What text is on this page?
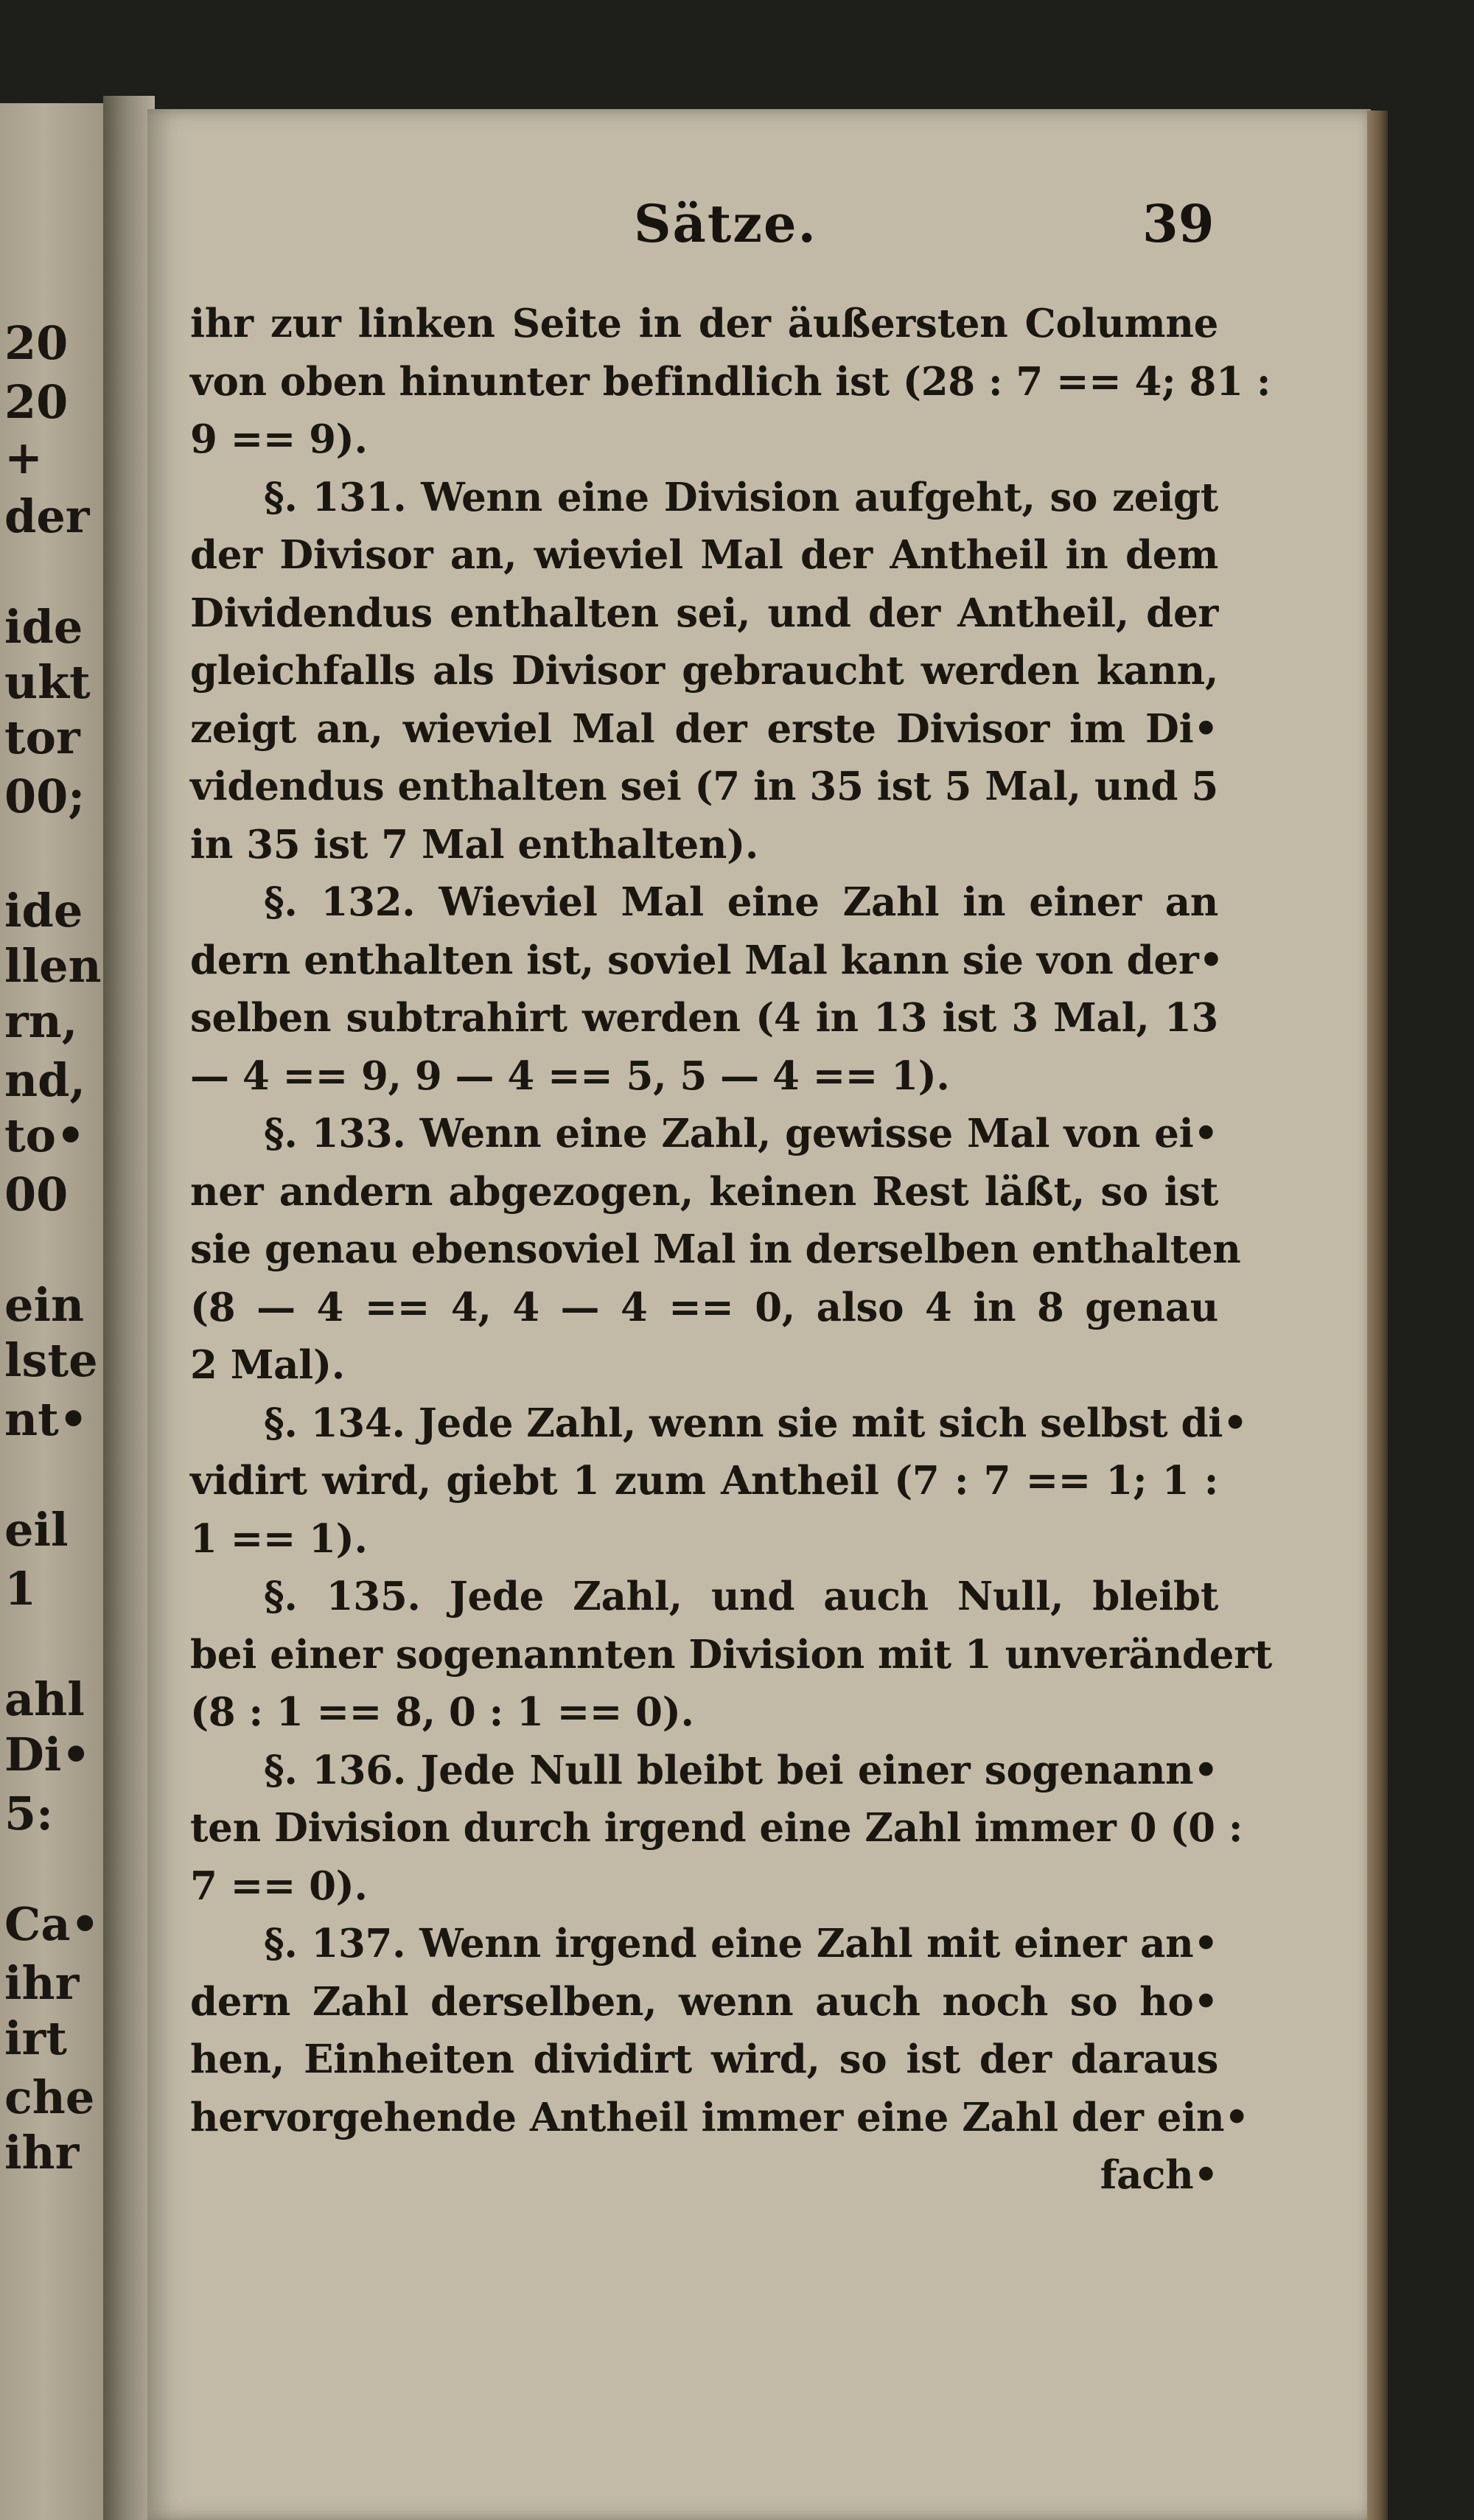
20
20
+
der
ide
ukt
tor
00;
ide
llen
rn,
nd,
to•
00
ein
lste
nt•
eil
1
ahl
Di•
5:
Ca•
ihr
irt
che
ihr
Sätze.	39
ihr zur linken Seite in der äußersten Columne
von oben hinunter befindlich ist (28 : 7 == 4; 81 :
9 == 9).
§. 131. Wenn eine Division aufgeht, so zeigt
der Divisor an, wieviel Mal der Antheil in dem
Dividendus enthalten sei, und der Antheil, der
gleichfalls als Divisor gebraucht werden kann,
zeigt an, wieviel Mal der erste Divisor im Di•
videndus enthalten sei (7 in 35 ist 5 Mal, und 5
in 35 ist 7 Mal enthalten).
§. 132. Wieviel Mal eine Zahl in einer an
dern enthalten ist, soviel Mal kann sie von der•
selben subtrahirt werden (4 in 13 ist 3 Mal, 13
— 4 == 9, 9 — 4 == 5, 5 — 4 == 1).
§. 133. Wenn eine Zahl, gewisse Mal von ei•
ner andern abgezogen, keinen Rest läßt, so ist
sie genau ebensoviel Mal in derselben enthalten
(8 — 4 == 4, 4 — 4 == 0, also 4 in 8 genau
2 Mal).
§. 134. Jede Zahl, wenn sie mit sich selbst di•
vidirt wird, giebt 1 zum Antheil (7 : 7 == 1; 1 :
1 == 1).
§. 135. Jede Zahl, und auch Null, bleibt
bei einer sogenannten Division mit 1 unverändert
(8 : 1 == 8, 0 : 1 == 0).
§. 136. Jede Null bleibt bei einer sogenann•
ten Division durch irgend eine Zahl immer 0 (0 :
7 == 0).
§. 137. Wenn irgend eine Zahl mit einer an•
dern Zahl derselben, wenn auch noch so ho•
hen, Einheiten dividirt wird, so ist der daraus
hervorgehende Antheil immer eine Zahl der ein•
fach•
